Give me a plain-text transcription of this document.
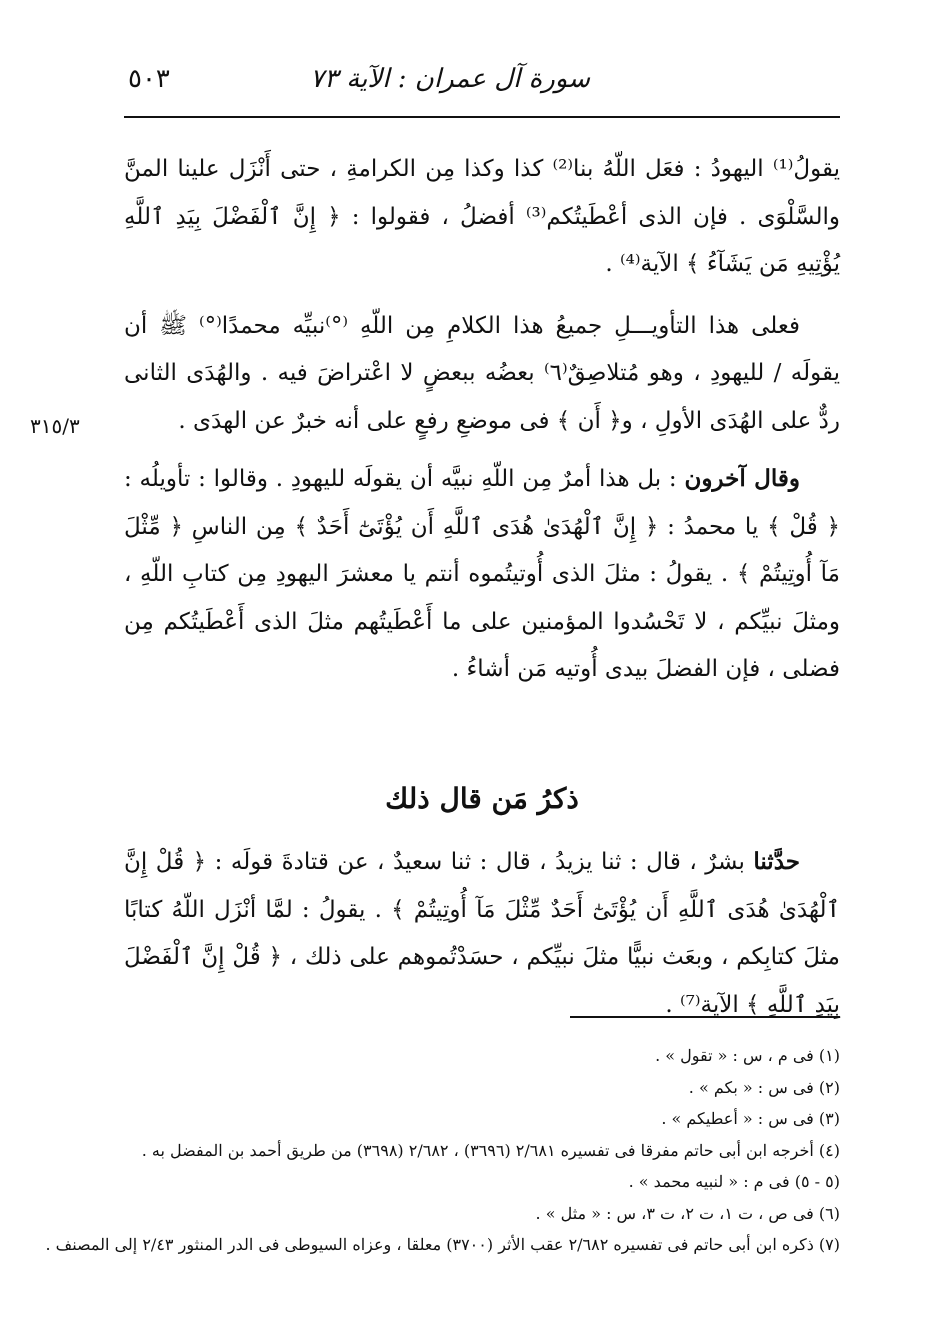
سورة آل عمران : الآية ٧٣
٥٠٣
٣١٥/٣

يقولُ⁽¹⁾ اليهودُ : فعَل اللّهُ بنا⁽²⁾ كذا وكذا مِن الكرامةِ ، حتى أَنْزَل علينا المنَّ والسَّلْوَى . فإن الذى أعْطَيتُكم⁽³⁾ أفضلُ ، فقولوا : ﴿ إِنَّ ٱلْفَضْلَ بِيَدِ ٱللَّهِ يُؤْتِيهِ مَن يَشَآءُ ﴾ الآية⁽⁴⁾ .

فعلى هذا التأويـــلِ جميعُ هذا الكلامِ مِن اللّهِ ⁽°⁾نبيِّه محمدًا⁽°⁾ ﷺ أن يقولَه / لليهودِ ، وهو مُتلاصِقٌ⁽٦⁾ بعضُه ببعضٍ لا اعْتراضَ فيه . والهُدَى الثانى ردٌّ على الهُدَى الأولِ ، و﴿ أَن ﴾ فى موضعِ رفعٍ على أنه خبرٌ عن الهدَى .

وقال آخرون : بل هذا أمرٌ مِن اللّهِ نبيَّه أن يقولَه لليهودِ . وقالوا : تأويلُه : ﴿ قُلْ ﴾ يا محمدُ : ﴿ إِنَّ ٱلْهُدَىٰ هُدَى ٱللَّهِ أَن يُؤْتَىٰٓ أَحَدٌ ﴾ مِن الناسِ ﴿ مِّثْلَ مَآ أُوتِيتُمْ ﴾ . يقولُ : مثلَ الذى أُوتيتُموه أنتم يا معشرَ اليهودِ مِن كتابِ اللّهِ ، ومثلَ نبيِّكم ، لا تَحْسُدوا المؤمنين على ما أَعْطَيتُهم مثلَ الذى أَعْطَيتُكم مِن فضلى ، فإن الفضلَ بيدى أُوتيه مَن أشاءُ .

ذكرُ مَن قال ذلك

حدَّثنا بشرٌ ، قال : ثنا يزيدُ ، قال : ثنا سعيدٌ ، عن قتادةَ قولَه : ﴿ قُلْ إِنَّ ٱلْهُدَىٰ هُدَى ٱللَّهِ أَن يُؤْتَىٰٓ أَحَدٌ مِّثْلَ مَآ أُوتِيتُمْ ﴾ . يقولُ : لمَّا أنْزَل اللّهُ كتابًا مثلَ كتابِكم ، وبعَث نبيًّا مثلَ نبيِّكم ، حسَدْتُموهم على ذلك ، ﴿ قُلْ إِنَّ ٱلْفَضْلَ بِيَدِ ٱللَّهِ ﴾ الآية⁽⁷⁾ .

(١) فى م ، س : « تقول » .

(٢) فى س : « بكم » .

(٣) فى س : « أعطيكم » .

(٤) أخرجه ابن أبى حاتم مفرقا فى تفسيره ٢/٦٨١ (٣٦٩٦) ، ٢/٦٨٢ (٣٦٩٨) من طريق أحمد بن المفضل به .

(٥ - ٥) فى م : « لنبيه محمد » .

(٦) فى ص ، ت ١، ت ٢، ت ٣، س : « مثل » .

(٧) ذكره ابن أبى حاتم فى تفسيره ٢/٦٨٢ عقب الأثر (٣٧٠٠) معلقا ، وعزاه السيوطى فى الدر المنثور ٢/٤٣ إلى المصنف .
